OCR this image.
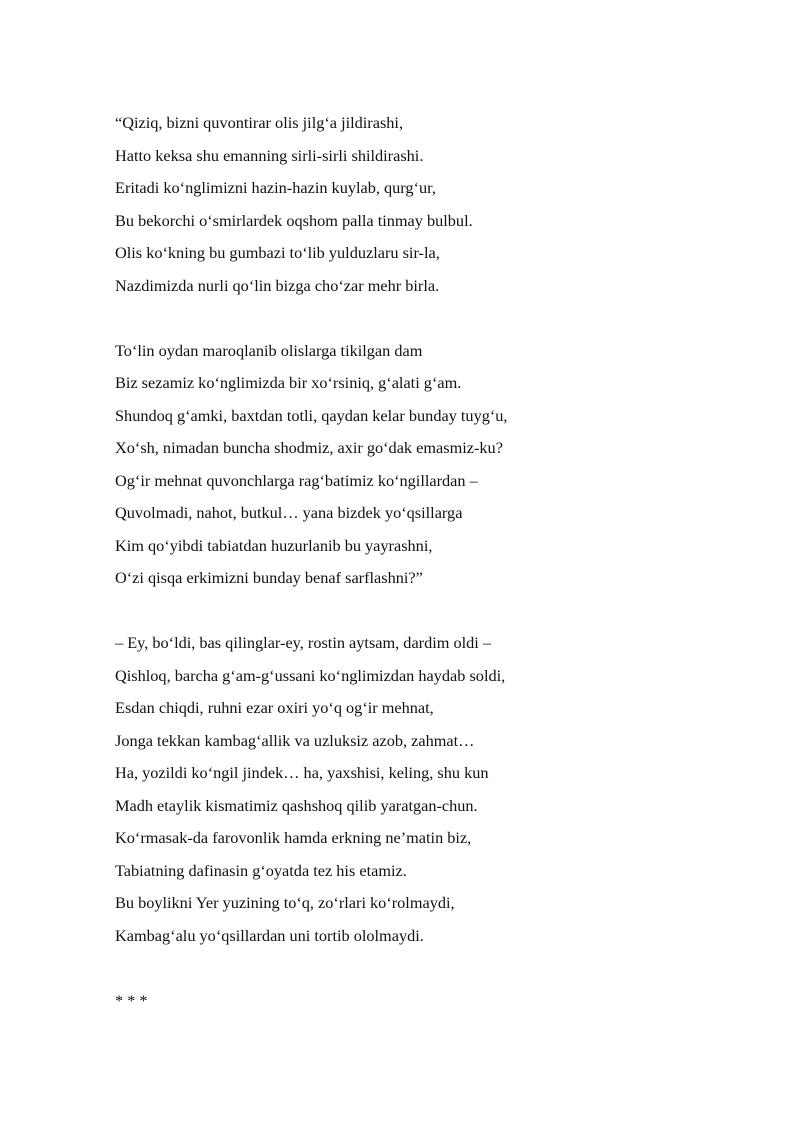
“Qiziq, bizni quvontirar olis jilg‘a jildirashi,
Hatto keksa shu emanning sirli-sirli shildirashi.
Eritadi ko‘nglimizni hazin-hazin kuylab, qurg‘ur,
Bu bekorchi o‘smirlardek oqshom palla tinmay bulbul.
Olis ko‘kning bu gumbazi to‘lib yulduzlaru sir-la,
Nazdimizda nurli qo‘lin bizga cho‘zar mehr birla.
To‘lin oydan maroqlanib olislarga tikilgan dam
Biz sezamiz ko‘nglimizda bir xo‘rsiniq, g‘alati g‘am.
Shundoq g‘amki, baxtdan totli, qaydan kelar bunday tuyg‘u,
Xo‘sh, nimadan buncha shodmiz, axir go‘dak emasmiz-ku?
Og‘ir mehnat quvonchlarga rag‘batimiz ko‘ngillardan –
Quvolmadi, nahot, butkul… yana bizdek yo‘qsillarga
Kim qo‘yibdi tabiatdan huzurlanib bu yayrashni,
O‘zi qisqa erkimizni bunday benaf sarflashni?”
– Ey, bo‘ldi, bas qilinglar-ey, rostin aytsam, dardim oldi –
Qishloq, barcha g‘am-g‘ussani ko‘nglimizdan haydab soldi,
Esdan chiqdi, ruhni ezar oxiri yo‘q og‘ir mehnat,
Jonga tekkan kambag‘allik va uzluksiz azob, zahmat…
Ha, yozildi ko‘ngil jindek… ha, yaxshisi, keling, shu kun
Madh etaylik kismatimiz qashshoq qilib yaratgan-chun.
Ko‘rmasak-da farovonlik hamda erkning ne’matin biz,
Tabiatning dafinasin g‘oyatda tez his etamiz.
Bu boylikni Yer yuzining to‘q, zo‘rlari ko‘rolmaydi,
Kambag‘alu yo‘qsillardan uni tortib ololmaydi.
* * *
